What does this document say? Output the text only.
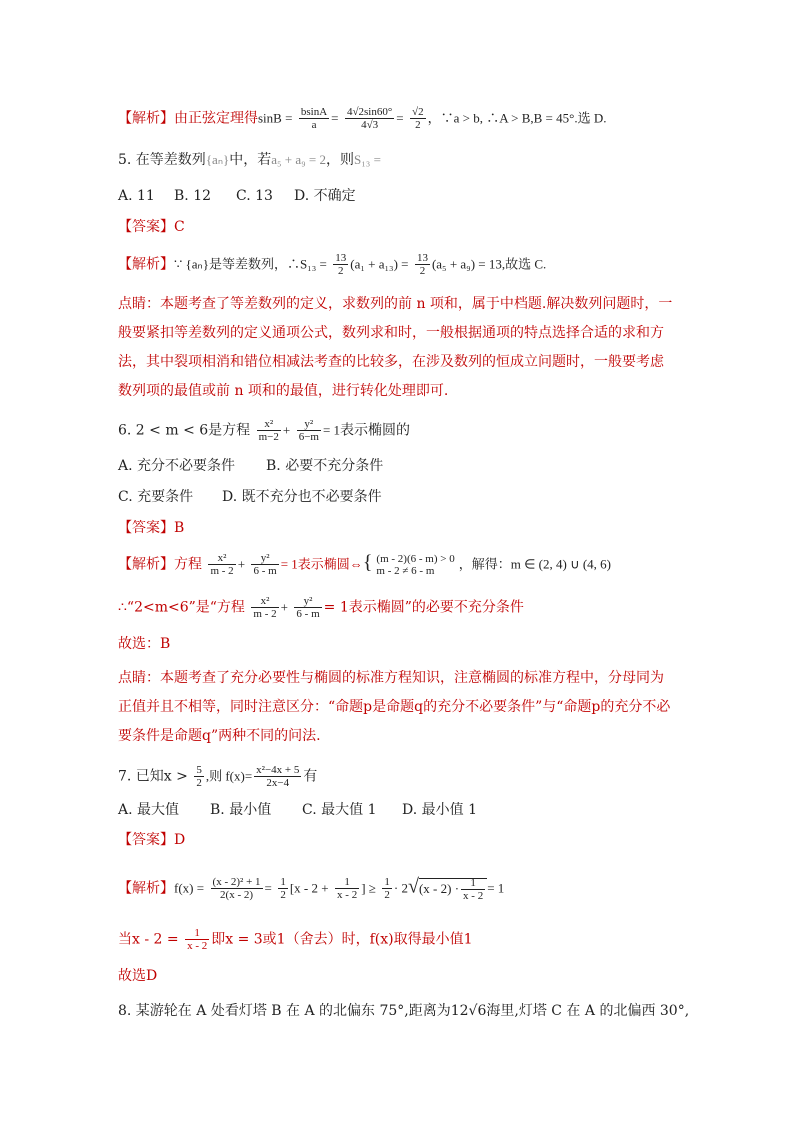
【解析】由正弦定理得$\sin B = \frac{bsinA}{a} = \frac{4√2\sin 60^\circ}{4√3} = \frac{√2}{2}$ ，∵a > b, ∴A > B,B = 45°.选 D.
5. 在等差数列{aₙ}中，若a₅ + a₉ = 2，则S₁₃ =
A. 11 B. 12 C. 13 D. 不确定
【答案】C
【解析】∵ {aₙ}是等差数列，∴S₁₃ = $\frac{13}{2} (a_1 + a_{13}) = \frac{13}{2} (a_5 + a_9) = 13$,故选 C.
点睛：本题考查了等差数列的定义，求数列的前 n 项和，属于中档题.解决数列问题时，一
般要紧扣等差数列的定义通项公式，数列求和时，一般根据通项的特点选择合适的求和方
法，其中裂项相消和错位相减法考查的比较多，在涉及数列的恒成立问题时，一般要考虑
数列项的最值或前 n 项和的最值，进行转化处理即可.
6. 2 < m < 6是方程 $\frac{\text{x²}}{m-2} + \frac{\text{y²}}{6-m} = 1$表示椭圆的
A. 充分不必要条件 B. 必要不充分条件
C. 充要条件 D. 既不充分也不必要条件
【答案】B
【解析】方程 $\frac{\text{x²}}{m - 2} + \frac{\text{y²}}{6 - m} = 1$表示椭圆⇔{ (m - 2)(6 - m) > 0
m - 2 ≠ 6 - m	，解得：m ∈ (2, 4) ∪ (4, 6)
∴“2<m<6”是“方程 $\frac{\text{x²}}{m - 2} + \frac{\text{y²}}{6 - m} = 1$表示椭圆”的必要不充分条件
故选：B
点睛：本题考查了充分必要性与椭圆的标准方程知识，注意椭圆的标准方程中，分母同为
正值并且不相等，同时注意区分：“命题p是命题q的充分不必要条件”与“命题p的充分不必
要条件是命题q”两种不同的问法.
7. 已知$x > \frac{5}{2}$ ,则 $f(x)= \frac{\text{x²−4x + 5}}{2x-4}$ 有
A. 最大值 B. 最小值 C. 最大值 1 D. 最小值 1
【答案】D
【解析】$f(x) = \frac{\text{(x - 2)² + 1}}{2(x - 2)} = \frac{1}{2} [x - 2 + \frac{1}{x - 2}$ ] ≥ $\frac{1}{2} \cdot 2√(x - 2) \cdot \frac{1}{x - 2} = 1$
当$x - 2 = \frac{1}{x - 2}$ 即x = 3或1（舍去）时，f(x)取得最小值1
故选D
8. 某游轮在 A 处看灯塔 B 在 A 的北偏东 75°,距离为12√6海里,灯塔 C 在 A 的北偏西 30°,
